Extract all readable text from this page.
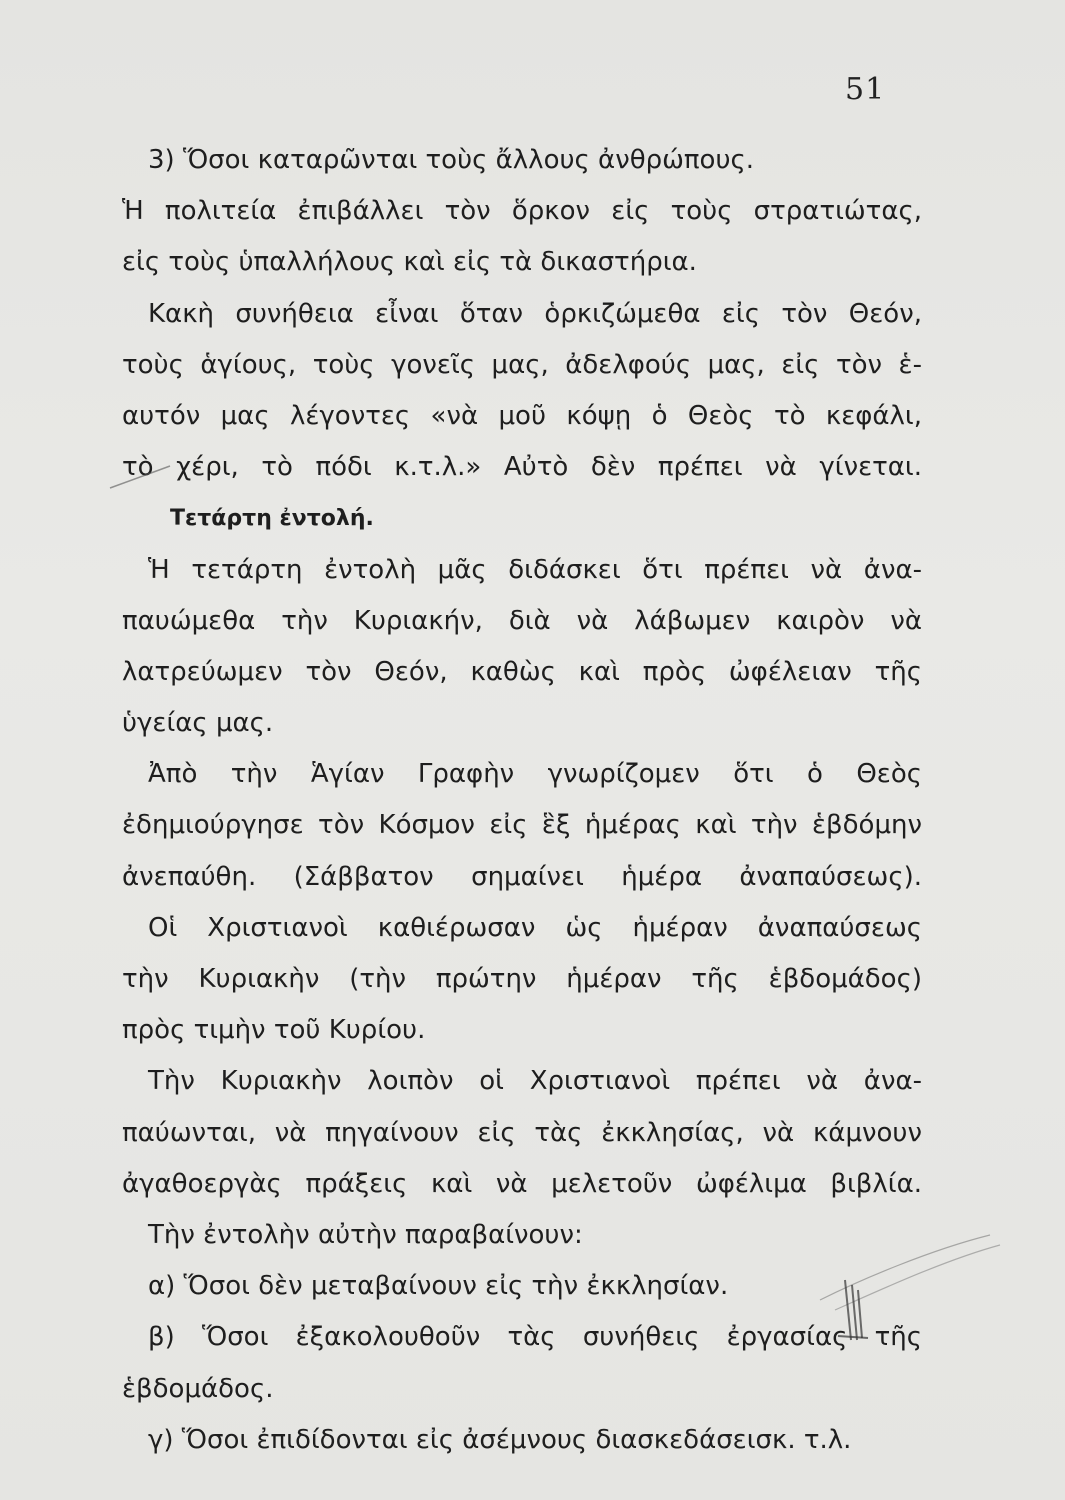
51
3) Ὅσοι καταρῶνται τοὺς ἄλλους ἀνθρώπους.
Ἡ πολιτεία ἐπιβάλλει τὸν ὅρκον εἰς τοὺς στρατιώτας,
εἰς τοὺς ὑπαλλήλους καὶ εἰς τὰ δικαστήρια.
Κακὴ συνήθεια εἶναι ὅταν ὁρκιζώμεθα εἰς τὸν Θεόν,
τοὺς ἁγίους, τοὺς γονεῖς μας, ἀδελφούς μας, εἰς τὸν ἑ-
αυτόν μας λέγοντες «νὰ μοῦ κόψῃ ὁ Θεὸς τὸ κεφάλι,
τὸ χέρι, τὸ πόδι κ.τ.λ.» Αὐτὸ δὲν πρέπει νὰ γίνεται.
Τετάρτη ἐντολή.
Ἡ τετάρτη ἐντολὴ μᾶς διδάσκει ὅτι πρέπει νὰ ἀνα-
παυώμεθα τὴν Κυριακήν, διὰ νὰ λάβωμεν καιρὸν νὰ
λατρεύωμεν τὸν Θεόν, καθὼς καὶ πρὸς ὠφέλειαν τῆς
ὑγείας μας.
Ἀπὸ τὴν Ἁγίαν Γραφὴν γνωρίζομεν ὅτι ὁ Θεὸς
ἐδημιούργησε τὸν Κόσμον εἰς ἓξ ἡμέρας καὶ τὴν ἑβδόμην
ἀνεπαύθη. (Σάββατον σημαίνει ἡμέρα ἀναπαύσεως).
Οἱ Χριστιανοὶ καθιέρωσαν ὡς ἡμέραν ἀναπαύσεως
τὴν Κυριακὴν (τὴν πρώτην ἡμέραν τῆς ἑβδομάδος)
πρὸς τιμὴν τοῦ Κυρίου.
Τὴν Κυριακὴν λοιπὸν οἱ Χριστιανοὶ πρέπει νὰ ἀνα-
παύωνται, νὰ πηγαίνουν εἰς τὰς ἐκκλησίας, νὰ κάμνουν
ἀγαθοεργὰς πράξεις καὶ νὰ μελετοῦν ὠφέλιμα βιβλία.
Τὴν ἐντολὴν αὐτὴν παραβαίνουν:
α) Ὅσοι δὲν μεταβαίνουν εἰς τὴν ἐκκλησίαν.
β) Ὅσοι ἐξακολουθοῦν τὰς συνήθεις ἐργασίας τῆς
ἑβδομάδος.
γ) Ὅσοι ἐπιδίδονται εἰς ἀσέμνους διασκεδάσεισκ. τ.λ.
